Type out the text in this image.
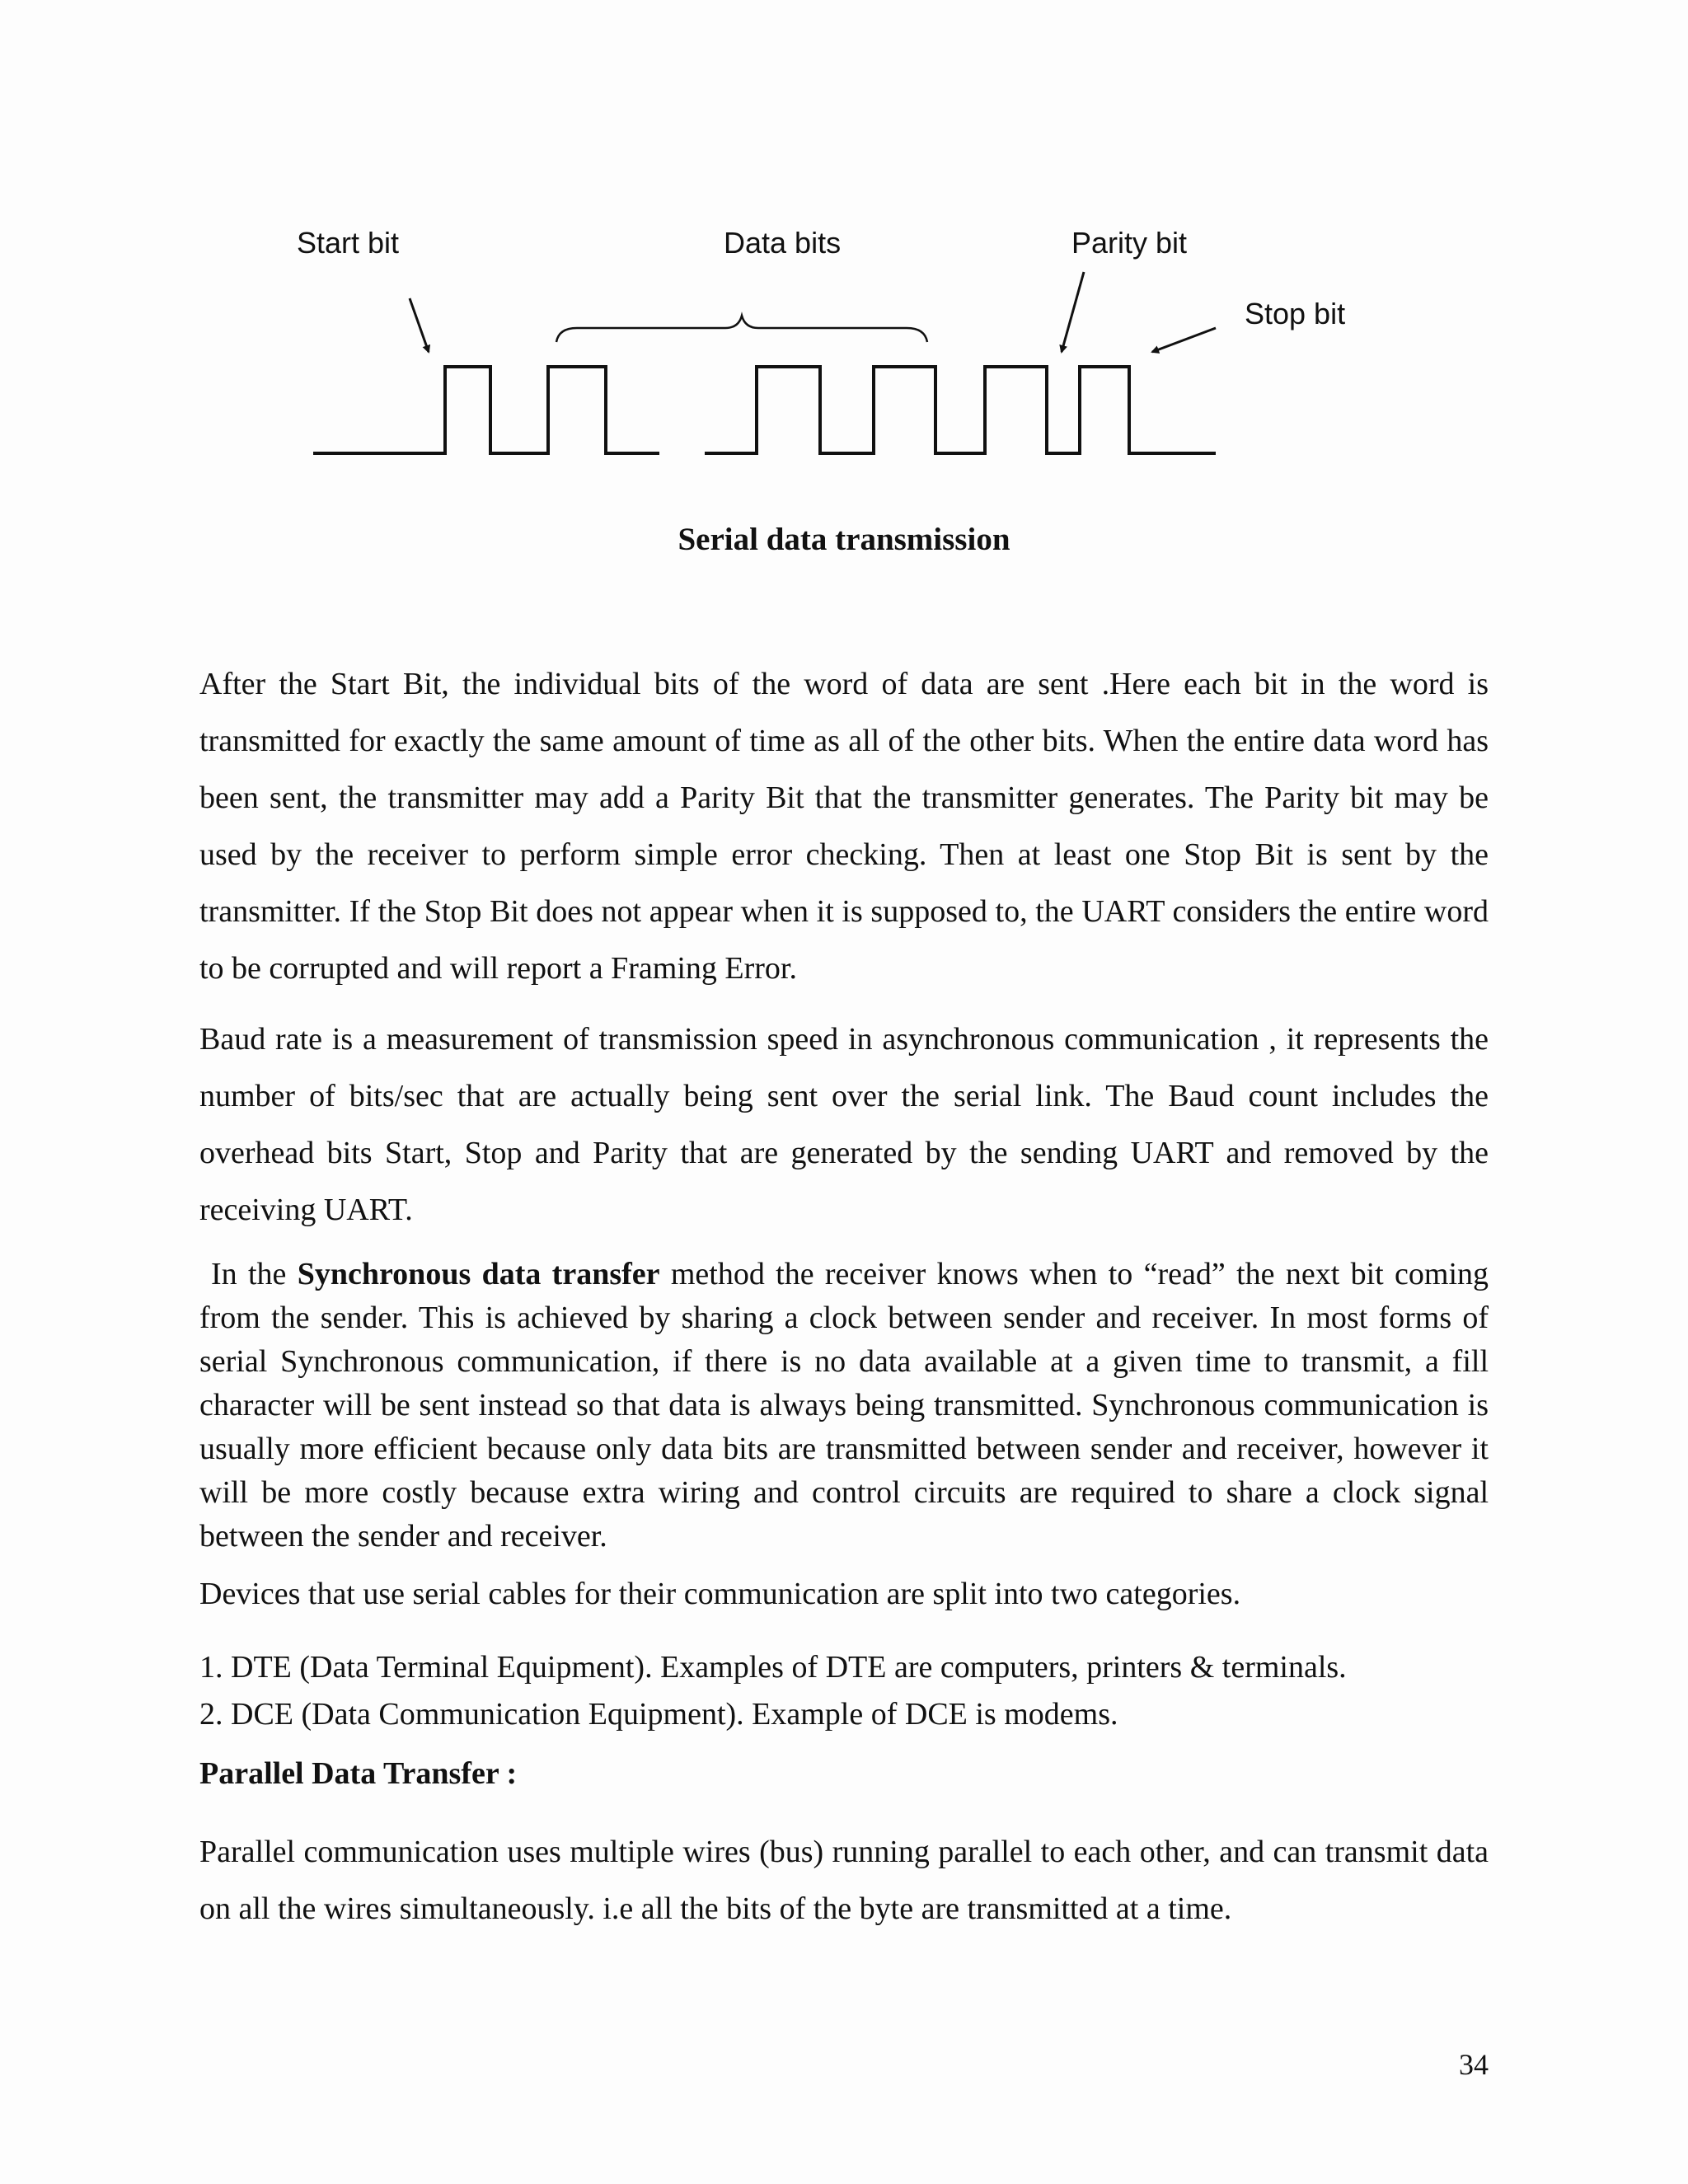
Start bit	Data bits	Parity bit
Stop bit
Serial data transmission

After the Start Bit, the individual bits of the word of data are sent .Here each bit in the word is transmitted for exactly the same amount of time as all of the other bits. When the entire data word has been sent, the transmitter may add a Parity Bit that the transmitter generates. The Parity bit may be used by the receiver to perform simple error checking. Then at least one Stop Bit is sent by the transmitter. If the Stop Bit does not appear when it is supposed to, the UART considers the entire word to be corrupted and will report a Framing Error.

Baud rate is a measurement of transmission speed in asynchronous communication , it represents the number of bits/sec that are actually being sent over the serial link. The Baud count includes the overhead bits Start, Stop and Parity that are generated by the sending UART and removed by the receiving UART.

In the Synchronous data transfer method the receiver knows when to “read” the next bit coming from the sender. This is achieved by sharing a clock between sender and receiver. In most forms of serial Synchronous communication, if there is no data available at a given time to transmit, a fill character will be sent instead so that data is always being transmitted. Synchronous communication is usually more efficient because only data bits are transmitted between sender and receiver, however it will be more costly because extra wiring and control circuits are required to share a clock signal between the sender and receiver.

Devices that use serial cables for their communication are split into two categories.

1. DTE (Data Terminal Equipment). Examples of DTE are computers, printers & terminals.
2. DCE (Data Communication Equipment). Example of DCE is modems.

Parallel Data Transfer :

Parallel communication uses multiple wires (bus) running parallel to each other, and can transmit data on all the wires simultaneously. i.e all the bits of the byte are transmitted at a time.

34
